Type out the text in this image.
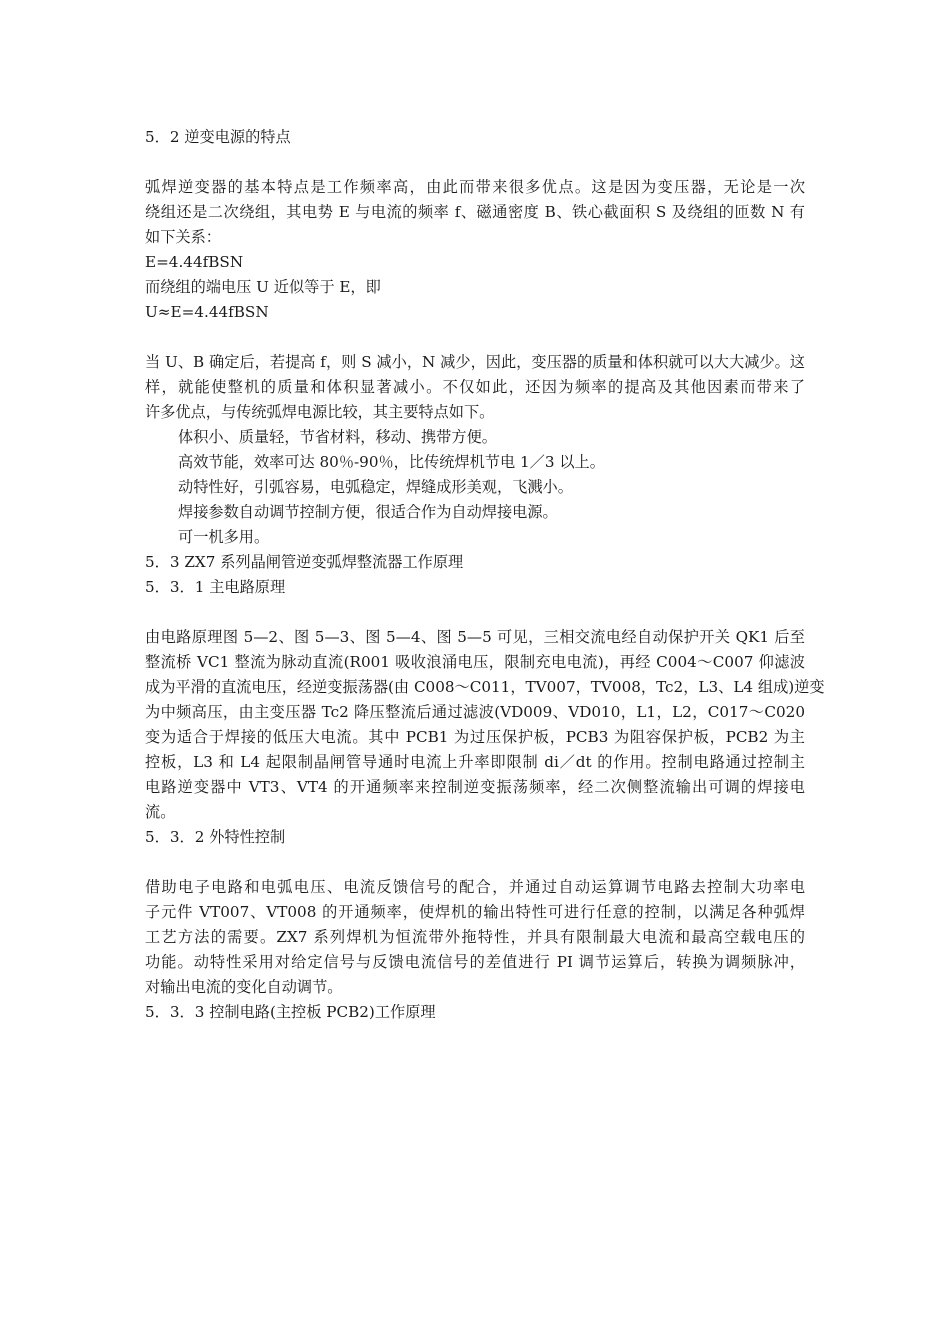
5．2 逆变电源的特点
弧焊逆变器的基本特点是工作频率高，由此而带来很多优点。这是因为变压器，无论是一次
绕组还是二次绕组，其电势 E 与电流的频率 f、磁通密度 B、铁心截面积 S 及绕组的匝数 N 有
如下关系：
E=4.44fBSN
而绕组的端电压 U 近似等于 E，即
U≈E=4.44fBSN
当 U、B 确定后，若提高 f，则 S 减小，N 减少，因此，变压器的质量和体积就可以大大减少。这
样，就能使整机的质量和体积显著减小。不仅如此，还因为频率的提高及其他因素而带来了
许多优点，与传统弧焊电源比较，其主要特点如下。
体积小、质量轻，节省材料，移动、携带方便。
高效节能，效率可达 80％-90％，比传统焊机节电 1／3 以上。
动特性好，引弧容易，电弧稳定，焊缝成形美观，飞溅小。
焊接参数自动调节控制方便，很适合作为自动焊接电源。
可一机多用。
5．3 ZX7 系列晶闸管逆变弧焊整流器工作原理
5．3．1 主电路原理
由电路原理图 5—2、图 5—3、图 5—4、图 5—5 可见，三相交流电经自动保护开关 QK1 后至
整流桥 VC1 整流为脉动直流(R001 吸收浪涌电压，限制充电电流)，再经 C004～C007 仰滤波
成为平滑的直流电压，经逆变振荡器(由 C008～C011，TV007，TV008，Tc2，L3、L4 组成)逆变
为中频高压，由主变压器 Tc2 降压整流后通过滤波(VD009、VD010，L1，L2，C017～C020
变为适合于焊接的低压大电流。其中 PCB1 为过压保护板，PCB3 为阻容保护板，PCB2 为主
控板，L3 和 L4 起限制晶闸管导通时电流上升率即限制 di／dt 的作用。控制电路通过控制主
电路逆变器中 VT3、VT4 的开通频率来控制逆变振荡频率，经二次侧整流输出可调的焊接电
流。
5．3．2 外特性控制
借助电子电路和电弧电压、电流反馈信号的配合，并通过自动运算调节电路去控制大功率电
子元件 VT007、VT008 的开通频率，使焊机的输出特性可进行任意的控制，以满足各种弧焊
工艺方法的需要。ZX7 系列焊机为恒流带外拖特性，并具有限制最大电流和最高空载电压的
功能。动特性采用对给定信号与反馈电流信号的差值进行 PI 调节运算后，转换为调频脉冲，
对输出电流的变化自动调节。
5．3．3 控制电路(主控板 PCB2)工作原理
